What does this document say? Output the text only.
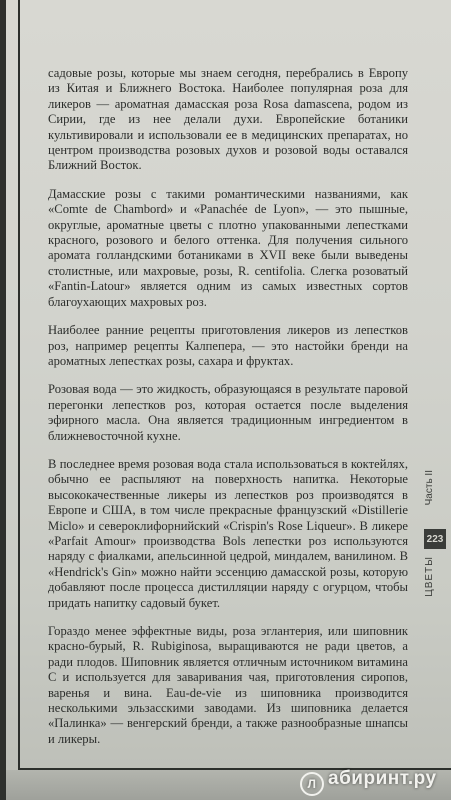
садовые розы, которые мы знаем сегодня, перебрались в Европу из Китая и Ближнего Востока. Наиболее популярная роза для ликеров — ароматная дамасская роза Rosa damascena, родом из Сирии, где из нее делали духи. Европейские ботаники культивировали и использовали ее в медицинских препаратах, но центром производства розовых духов и розовой воды оставался Ближний Восток.

Дамасские розы с такими романтическими названиями, как «Comte de Chambord» и «Panachée de Lyon», — это пышные, округлые, ароматные цветы с плотно упакованными лепестками красного, розового и белого оттенка. Для получения сильного аромата голландскими ботаниками в XVII веке были выведены столистные, или махровые, розы, R. centifolia. Слегка розоватый «Fantin-Latour» является одним из самых известных сортов благоухающих махровых роз.

Наиболее ранние рецепты приготовления ликеров из лепестков роз, например рецепты Калпепера, — это настойки бренди на ароматных лепестках розы, сахара и фруктах.

Розовая вода — это жидкость, образующаяся в результате паровой перегонки лепестков роз, которая остается после выделения эфирного масла. Она является традиционным ингредиентом в ближневосточной кухне.

В последнее время розовая вода стала использоваться в коктейлях, обычно ее распыляют на поверхность напитка. Некоторые высококачественные ликеры из лепестков роз производятся в Европе и США, в том числе прекрасные французский «Distillerie Miclo» и североклифорнийский «Crispin's Rose Liqueur». В ликере «Parfait Amour» производства Bols лепестки роз используются наряду с фиалками, апельсинной цедрой, миндалем, ванилином. В «Hendrick's Gin» можно найти эссенцию дамасской розы, которую добавляют после процесса дистилляции наряду с огурцом, чтобы придать напитку садовый букет.

Гораздо менее эффектные виды, роза эглантерия, или шиповник красно-бурый, R. Rubiginosa, выращиваются не ради цветов, а ради плодов. Шиповник является отличным источником витамина С и используется для заваривания чая, приготовления сиропов, варенья и вина. Eau-de-vie из шиповника производится несколькими эльзасскими заводами. Из шиповника делается «Палинка» — венгерский бренди, а также разнообразные шнапсы и ликеры.

Часть II
223
ЦВЕТЫ
Л абиринт.ру
